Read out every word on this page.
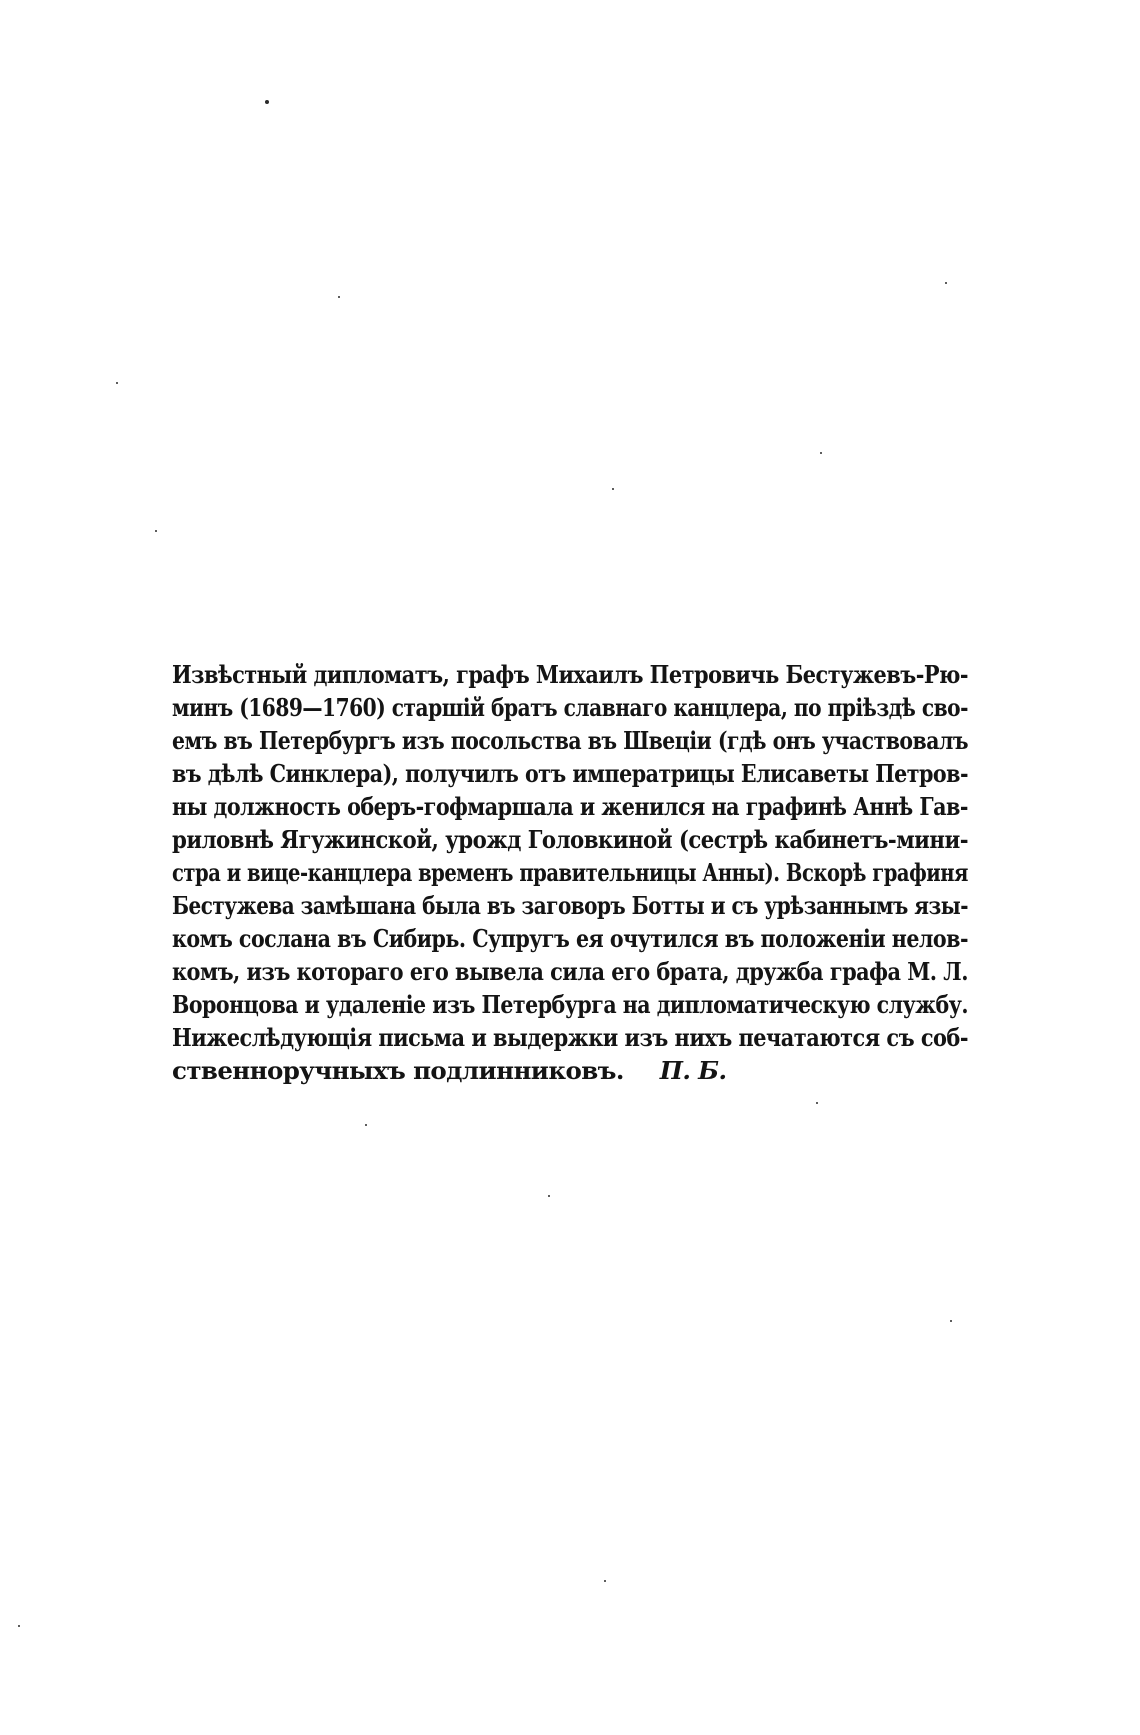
Извѣстный дипломатъ, графъ Михаилъ Петровичь Бестужевъ-Рю-
минъ (1689—1760) старшій братъ славнаго канцлера, по пріѣздѣ сво-
емъ въ Петербургъ изъ посольства въ Швеціи (гдѣ онъ участвовалъ
въ дѣлѣ Синклера), получилъ отъ императрицы Елисаветы Петров-
ны должность оберъ-гофмаршала и женился на графинѣ Аннѣ Гав-
риловнѣ Ягужинской, урожд Головкиной (сестрѣ кабинетъ-мини-
стра и вице-канцлера временъ правительницы Анны). Вскорѣ графиня
Бестужева замѣшана была въ заговоръ Ботты и съ урѣзаннымъ язы-
комъ сослана въ Сибирь. Супругъ ея очутился въ положеніи нелов-
комъ, изъ котораго его вывела сила его брата, дружба графа М. Л.
Воронцова и удаленіе изъ Петербурга на дипломатическую службу.
Нижеслѣдующія письма и выдержки изъ нихъ печатаются съ соб-
ственноручныхъ подлинниковъ. П. Б.
